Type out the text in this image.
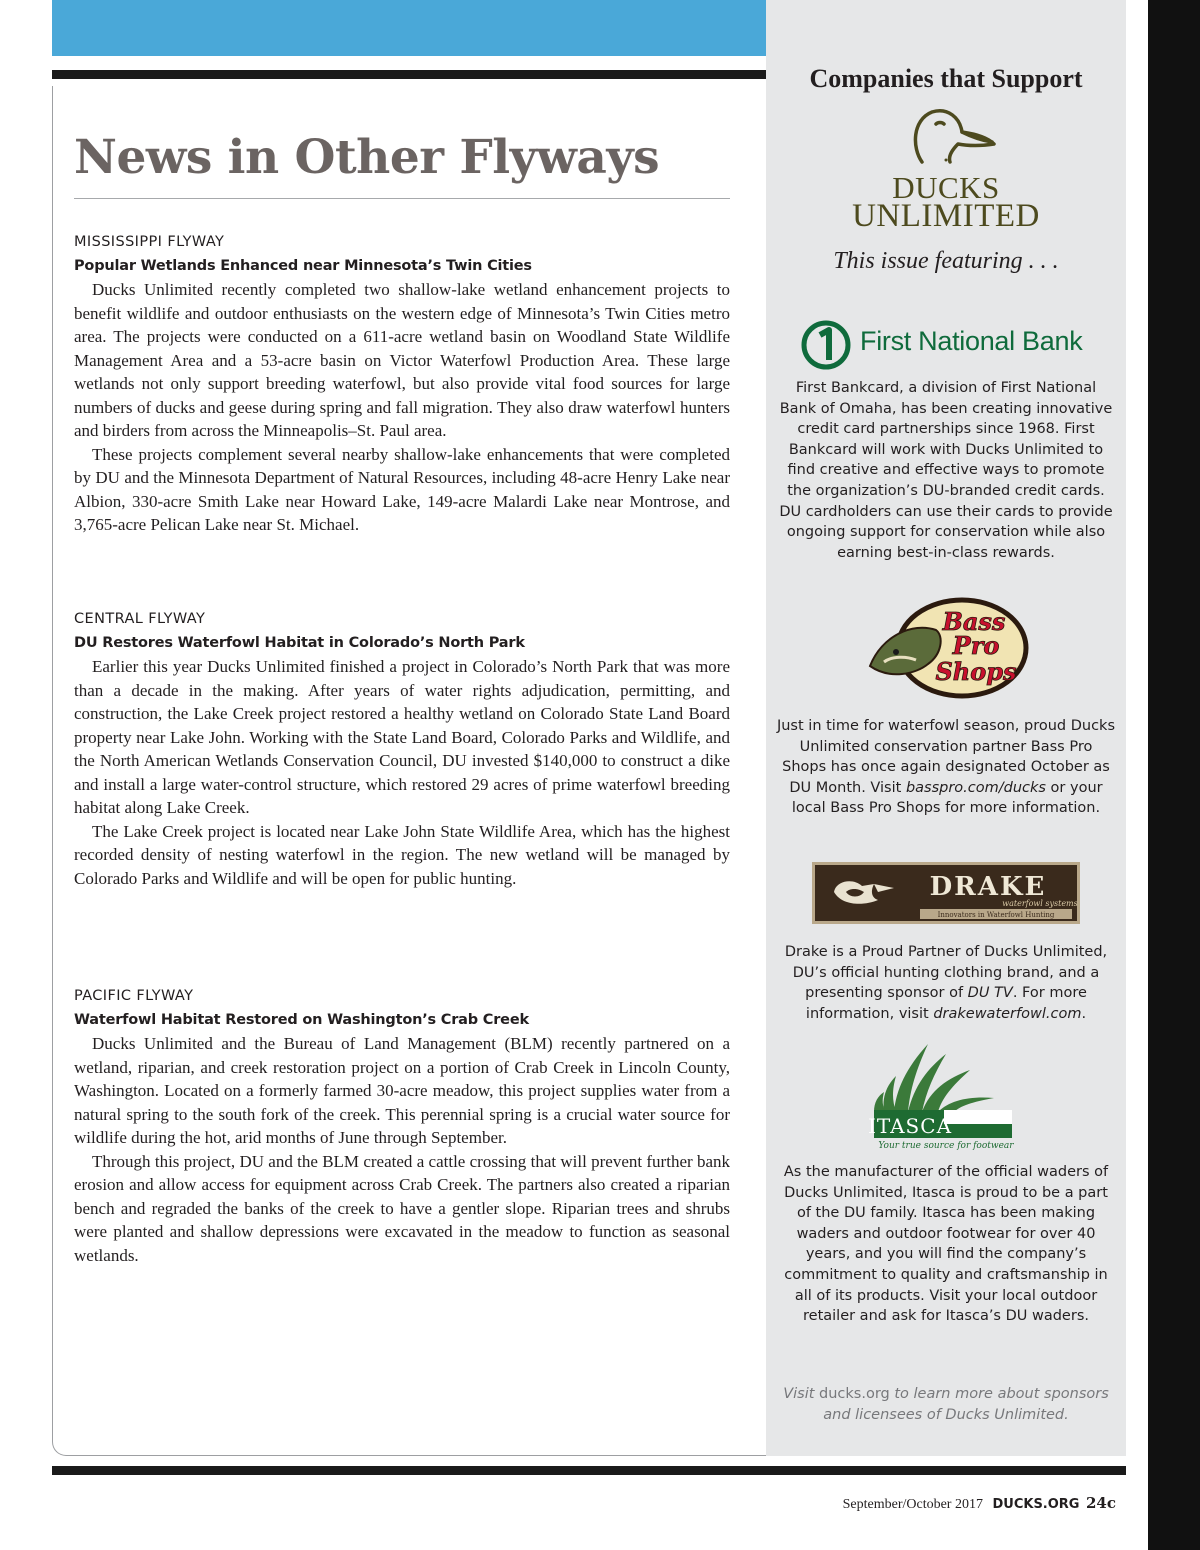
News in Other Flyways
MISSISSIPPI FLYWAY
Popular Wetlands Enhanced near Minnesota’s Twin Cities

Ducks Unlimited recently completed two shallow-lake wetland enhancement projects to benefit wildlife and outdoor enthusiasts on the western edge of Minnesota’s Twin Cities metro area. The projects were conducted on a 611-acre wetland basin on Woodland State Wildlife Management Area and a 53-acre basin on Victor Waterfowl Production Area. These large wetlands not only support breeding waterfowl, but also provide vital food sources for large numbers of ducks and geese during spring and fall migration. They also draw waterfowl hunters and birders from across the Minneapolis–St. Paul area.

These projects complement several nearby shallow-lake enhancements that were completed by DU and the Minnesota Department of Natural Resources, including 48-acre Henry Lake near Albion, 330-acre Smith Lake near Howard Lake, 149-acre Malardi Lake near Montrose, and 3,765-acre Pelican Lake near St. Michael.

CENTRAL FLYWAY
DU Restores Waterfowl Habitat in Colorado’s North Park

Earlier this year Ducks Unlimited finished a project in Colorado’s North Park that was more than a decade in the making. After years of water rights adjudication, permitting, and construction, the Lake Creek project restored a healthy wetland on Colorado State Land Board property near Lake John. Working with the State Land Board, Colorado Parks and Wildlife, and the North American Wetlands Conservation Council, DU invested $140,000 to construct a dike and install a large water-control structure, which restored 29 acres of prime waterfowl breeding habitat along Lake Creek.

The Lake Creek project is located near Lake John State Wildlife Area, which has the highest recorded density of nesting waterfowl in the region. The new wetland will be managed by Colorado Parks and Wildlife and will be open for public hunting.

PACIFIC FLYWAY
Waterfowl Habitat Restored on Washington’s Crab Creek

Ducks Unlimited and the Bureau of Land Management (BLM) recently partnered on a wetland, riparian, and creek restoration project on a portion of Crab Creek in Lincoln County, Washington. Located on a formerly farmed 30-acre meadow, this project supplies water from a natural spring to the south fork of the creek. This perennial spring is a crucial water source for wildlife during the hot, arid months of June through September.

Through this project, DU and the BLM created a cattle crossing that will prevent further bank erosion and allow access for equipment across Crab Creek. The partners also created a riparian bench and regraded the banks of the creek to have a gentler slope. Riparian trees and shrubs were planted and shallow depressions were excavated in the meadow to function as seasonal wetlands.

Companies that Support
DUCKS
UNLIMITED
This issue featuring . . .
First National Bank

First Bankcard, a division of First National Bank of Omaha, has been creating innovative credit card partnerships since 1968. First Bankcard will work with Ducks Unlimited to find creative and effective ways to promote the organization’s DU-branded credit cards. DU cardholders can use their cards to provide ongoing support for conservation while also earning best-in-class rewards.

Bass
Pro
Shops

Just in time for waterfowl season, proud Ducks Unlimited conservation partner Bass Pro Shops has once again designated October as DU Month. Visit basspro.com/ducks or your local Bass Pro Shops for more information.

DRAKE
waterfowl systems
Innovators in Waterfowl Hunting

Drake is a Proud Partner of Ducks Unlimited, DU’s official hunting clothing brand, and a presenting sponsor of DU TV. For more information, visit drakewaterfowl.com.

ITASCA
Your true source for footwear

As the manufacturer of the official waders of Ducks Unlimited, Itasca is proud to be a part of the DU family. Itasca has been making waders and outdoor footwear for over 40 years, and you will find the company’s commitment to quality and craftsmanship in all of its products. Visit your local outdoor retailer and ask for Itasca’s DU waders.

Visit ducks.org to learn more about sponsors and licensees of Ducks Unlimited.

September/October 2017 DUCKS.ORG 24c
